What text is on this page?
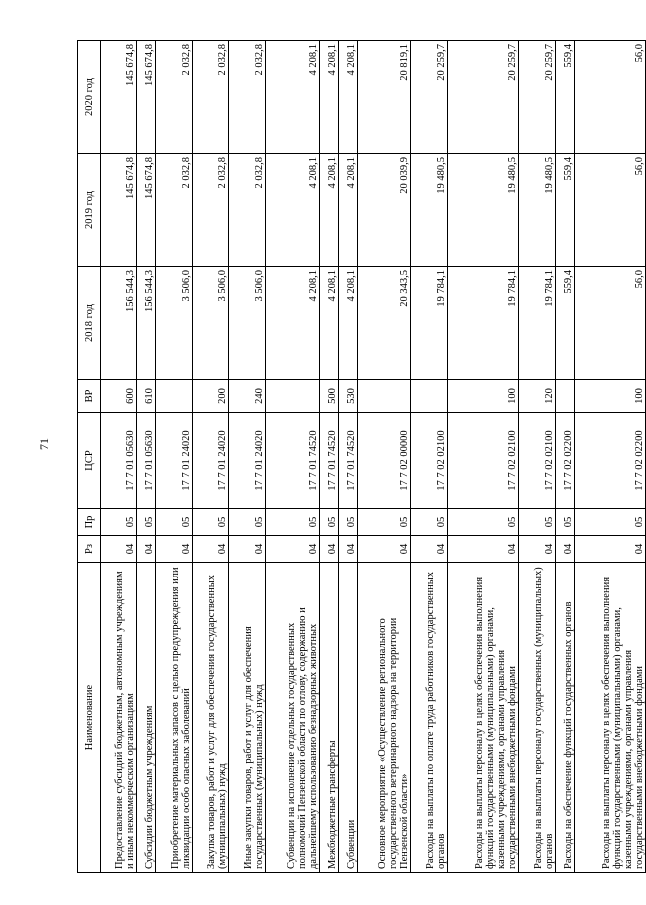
71
Наименование	Рз	Пр	ЦСР	ВР	2018 год	2019 год	2020 год
Предоставление субсидий бюджетным, автономным учреждениям и иным некоммерческим организациям	04	05	17 7 01 05630	600	156 544,3	145 674,8	145 674,8
Субсидии бюджетным учреждениям	04	05	17 7 01 05630	610	156 544,3	145 674,8	145 674,8
Приобретение материальных запасов с целью предупреждения или ликвидации особо опасных заболеваний	04	05	17 7 01 24020		3 506,0	2 032,8	2 032,8
Закупка товаров, работ и услуг для обеспечения государственных (муниципальных) нужд	04	05	17 7 01 24020	200	3 506,0	2 032,8	2 032,8
Иные закупки товаров, работ и услуг для обеспечения государственных (муниципальных) нужд	04	05	17 7 01 24020	240	3 506,0	2 032,8	2 032,8
Субвенции на исполнение отдельных государственных полномочий Пензенской области по отлову, содержанию и дальнейшему использованию безнадзорных животных	04	05	17 7 01 74520		4 208,1	4 208,1	4 208,1
Межбюджетные трансферты	04	05	17 7 01 74520	500	4 208,1	4 208,1	4 208,1
Субвенции	04	05	17 7 01 74520	530	4 208,1	4 208,1	4 208,1
Основное мероприятие «Осуществление регионального государственного ветеринарного надзора на территории Пензенской области»	04	05	17 7 02 00000		20 343,5	20 039,9	20 819,1
Расходы на выплаты по оплате труда работников государственных органов	04	05	17 7 02 02100		19 784,1	19 480,5	20 259,7
Расходы на выплаты персоналу в целях обеспечения выполнения функций государственными (муниципальными) органами, казенными учреждениями, органами управления государственными внебюджетными фондами	04	05	17 7 02 02100	100	19 784,1	19 480,5	20 259,7
Расходы на выплаты персоналу государственных (муниципальных) органов	04	05	17 7 02 02100	120	19 784,1	19 480,5	20 259,7
Расходы на обеспечение функций государственных органов	04	05	17 7 02 02200		559,4	559,4	559,4
Расходы на выплаты персоналу в целях обеспечения выполнения функций государственными (муниципальными) органами, казенными учреждениями, органами управления государственными внебюджетными фондами	04	05	17 7 02 02200	100	56,0	56,0	56,0
